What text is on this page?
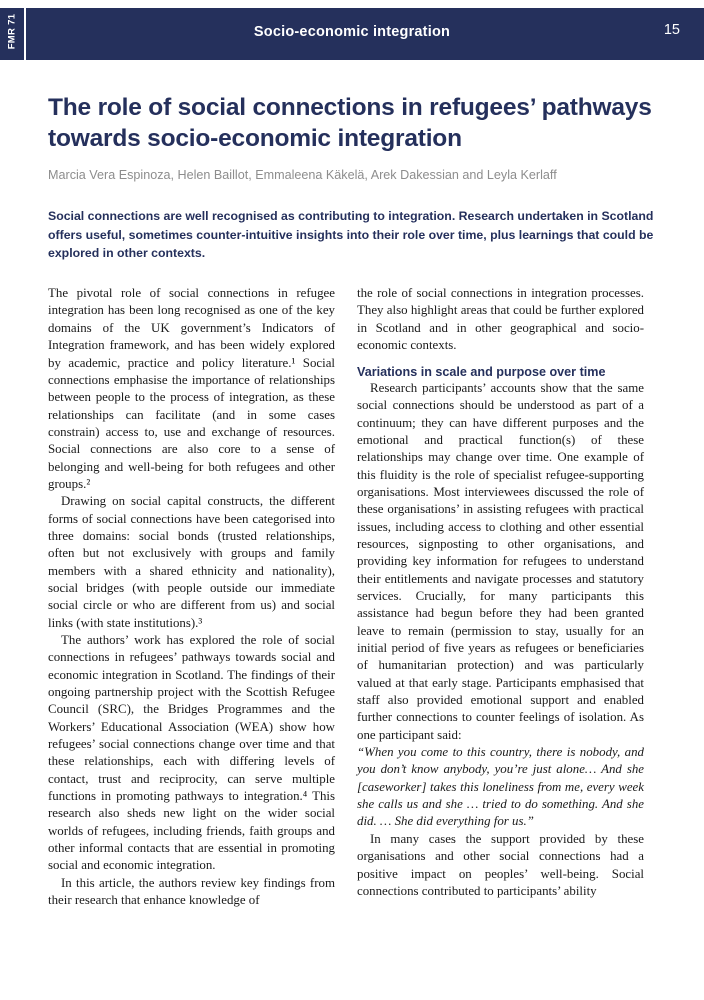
FMR 71	Socio-economic integration	15
The role of social connections in refugees’ pathways towards socio-economic integration
Marcia Vera Espinoza, Helen Baillot, Emmaleena Käkelä, Arek Dakessian and Leyla Kerlaff
Social connections are well recognised as contributing to integration. Research undertaken in Scotland offers useful, sometimes counter-intuitive insights into their role over time, plus learnings that could be explored in other contexts.

The pivotal role of social connections in refugee integration has been long recognised as one of the key domains of the UK government’s Indicators of Integration framework, and has been widely explored by academic, practice and policy literature.¹ Social connections emphasise the importance of relationships between people to the process of integration, as these relationships can facilitate (and in some cases constrain) access to, use and exchange of resources. Social connections are also core to a sense of belonging and well-being for both refugees and other groups.²

Drawing on social capital constructs, the different forms of social connections have been categorised into three domains: social bonds (trusted relationships, often but not exclusively with groups and family members with a shared ethnicity and nationality), social bridges (with people outside our immediate social circle or who are different from us) and social links (with state institutions).³

The authors’ work has explored the role of social connections in refugees’ pathways towards social and economic integration in Scotland. The findings of their ongoing partnership project with the Scottish Refugee Council (SRC), the Bridges Programmes and the Workers’ Educational Association (WEA) show how refugees’ social connections change over time and that these relationships, each with differing levels of contact, trust and reciprocity, can serve multiple functions in promoting pathways to integration.⁴ This research also sheds new light on the wider social worlds of refugees, including friends, faith groups and other informal contacts that are essential in promoting social and economic integration.

In this article, the authors review key findings from their research that enhance knowledge of

the role of social connections in integration processes. They also highlight areas that could be further explored in Scotland and in other geographical and socio-economic contexts.

Variations in scale and purpose over time

Research participants’ accounts show that the same social connections should be understood as part of a continuum; they can have different purposes and the emotional and practical function(s) of these relationships may change over time. One example of this fluidity is the role of specialist refugee-supporting organisations. Most interviewees discussed the role of these organisations’ in assisting refugees with practical issues, including access to clothing and other essential resources, signposting to other organisations, and providing key information for refugees to understand their entitlements and navigate processes and statutory services. Crucially, for many participants this assistance had begun before they had been granted leave to remain (permission to stay, usually for an initial period of five years as refugees or beneficiaries of humanitarian protection) and was particularly valued at that early stage. Participants emphasised that staff also provided emotional support and enabled further connections to counter feelings of isolation. As one participant said:

“When you come to this country, there is nobody, and you don’t know anybody, you’re just alone… And she [caseworker] takes this loneliness from me, every week she calls us and she … tried to do something. And she did. … She did everything for us.”

In many cases the support provided by these organisations and other social connections had a positive impact on peoples’ well-being. Social connections contributed to participants’ ability
